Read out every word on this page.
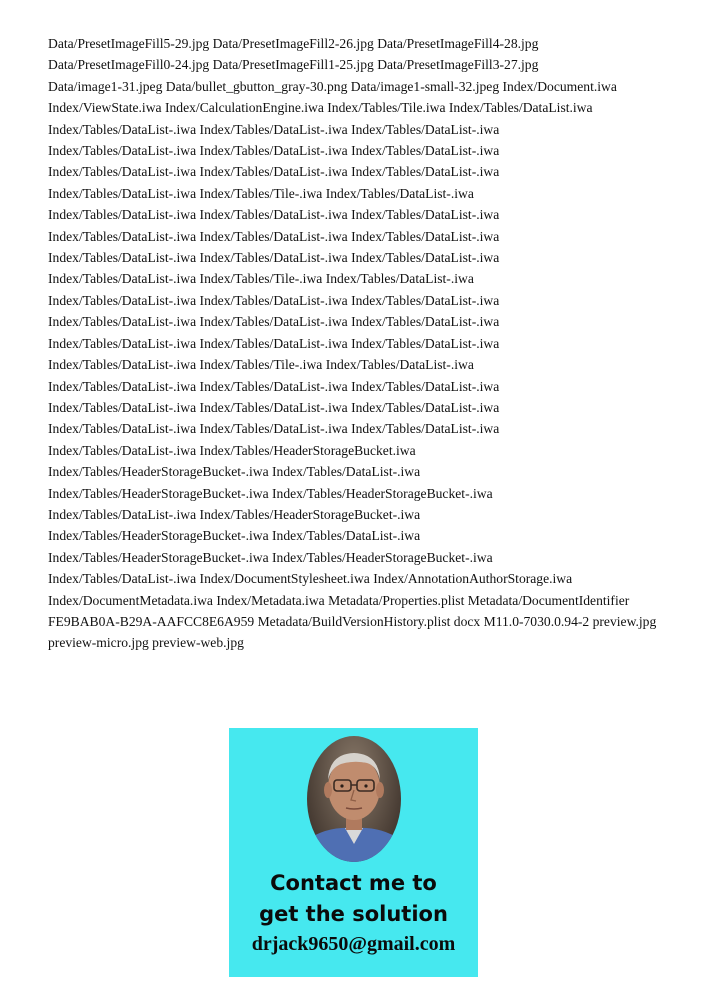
Data/PresetImageFill5-29.jpg Data/PresetImageFill2-26.jpg Data/PresetImageFill4-28.jpg
Data/PresetImageFill0-24.jpg Data/PresetImageFill1-25.jpg Data/PresetImageFill3-27.jpg
Data/image1-31.jpeg Data/bullet_gbutton_gray-30.png Data/image1-small-32.jpeg Index/Document.iwa
Index/ViewState.iwa Index/CalculationEngine.iwa Index/Tables/Tile.iwa Index/Tables/DataList.iwa
Index/Tables/DataList-.iwa Index/Tables/DataList-.iwa Index/Tables/DataList-.iwa
Index/Tables/DataList-.iwa Index/Tables/DataList-.iwa Index/Tables/DataList-.iwa
Index/Tables/DataList-.iwa Index/Tables/DataList-.iwa Index/Tables/DataList-.iwa
Index/Tables/DataList-.iwa Index/Tables/Tile-.iwa Index/Tables/DataList-.iwa
Index/Tables/DataList-.iwa Index/Tables/DataList-.iwa Index/Tables/DataList-.iwa
Index/Tables/DataList-.iwa Index/Tables/DataList-.iwa Index/Tables/DataList-.iwa
Index/Tables/DataList-.iwa Index/Tables/DataList-.iwa Index/Tables/DataList-.iwa
Index/Tables/DataList-.iwa Index/Tables/Tile-.iwa Index/Tables/DataList-.iwa
Index/Tables/DataList-.iwa Index/Tables/DataList-.iwa Index/Tables/DataList-.iwa
Index/Tables/DataList-.iwa Index/Tables/DataList-.iwa Index/Tables/DataList-.iwa
Index/Tables/DataList-.iwa Index/Tables/DataList-.iwa Index/Tables/DataList-.iwa
Index/Tables/DataList-.iwa Index/Tables/Tile-.iwa Index/Tables/DataList-.iwa
Index/Tables/DataList-.iwa Index/Tables/DataList-.iwa Index/Tables/DataList-.iwa
Index/Tables/DataList-.iwa Index/Tables/DataList-.iwa Index/Tables/DataList-.iwa
Index/Tables/DataList-.iwa Index/Tables/DataList-.iwa Index/Tables/DataList-.iwa
Index/Tables/DataList-.iwa Index/Tables/HeaderStorageBucket.iwa
Index/Tables/HeaderStorageBucket-.iwa Index/Tables/DataList-.iwa
Index/Tables/HeaderStorageBucket-.iwa Index/Tables/HeaderStorageBucket-.iwa
Index/Tables/DataList-.iwa Index/Tables/HeaderStorageBucket-.iwa
Index/Tables/HeaderStorageBucket-.iwa Index/Tables/DataList-.iwa
Index/Tables/HeaderStorageBucket-.iwa Index/Tables/HeaderStorageBucket-.iwa
Index/Tables/DataList-.iwa Index/DocumentStylesheet.iwa Index/AnnotationAuthorStorage.iwa
Index/DocumentMetadata.iwa Index/Metadata.iwa Metadata/Properties.plist Metadata/DocumentIdentifier
FE9BAB0A-B29A-AAFCC8E6A959 Metadata/BuildVersionHistory.plist docx M11.0-7030.0.94-2 preview.jpg
preview-micro.jpg preview-web.jpg
Contact me to
get the solution
drjack9650@gmail.com
